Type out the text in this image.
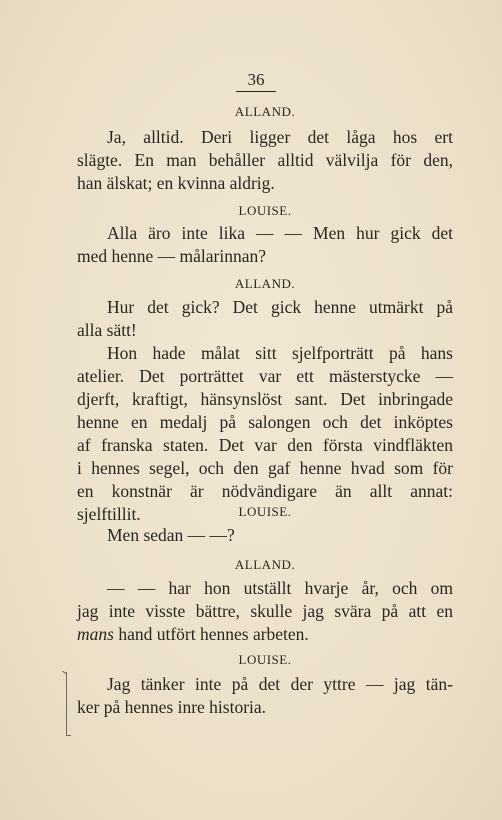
36
ALLAND.
Ja, alltid. Deri ligger det låga hos ert
slägte. En man behåller alltid välvilja för den,
han älskat; en kvinna aldrig.
LOUISE.
Alla äro inte lika — — Men hur gick det
med henne — målarinnan?
ALLAND.
Hur det gick? Det gick henne utmärkt på
alla sätt!
Hon hade målat sitt sjelfporträtt på hans
atelier. Det porträttet var ett mästerstycke —
djerft, kraftigt, hänsynslöst sant. Det inbringade
henne en medalj på salongen och det inköptes
af franska staten. Det var den första vindfläkten
i hennes segel, och den gaf henne hvad som för
en konstnär är nödvändigare än allt annat:
sjelftillit.	LOUISE.
Men sedan — —?
ALLAND.
— — har hon utställt hvarje år, och om
jag inte visste bättre, skulle jag svära på att en
mans hand utfört hennes arbeten.
LOUISE.
Jag tänker inte på det der yttre — jag tän-
ker på hennes inre historia.
